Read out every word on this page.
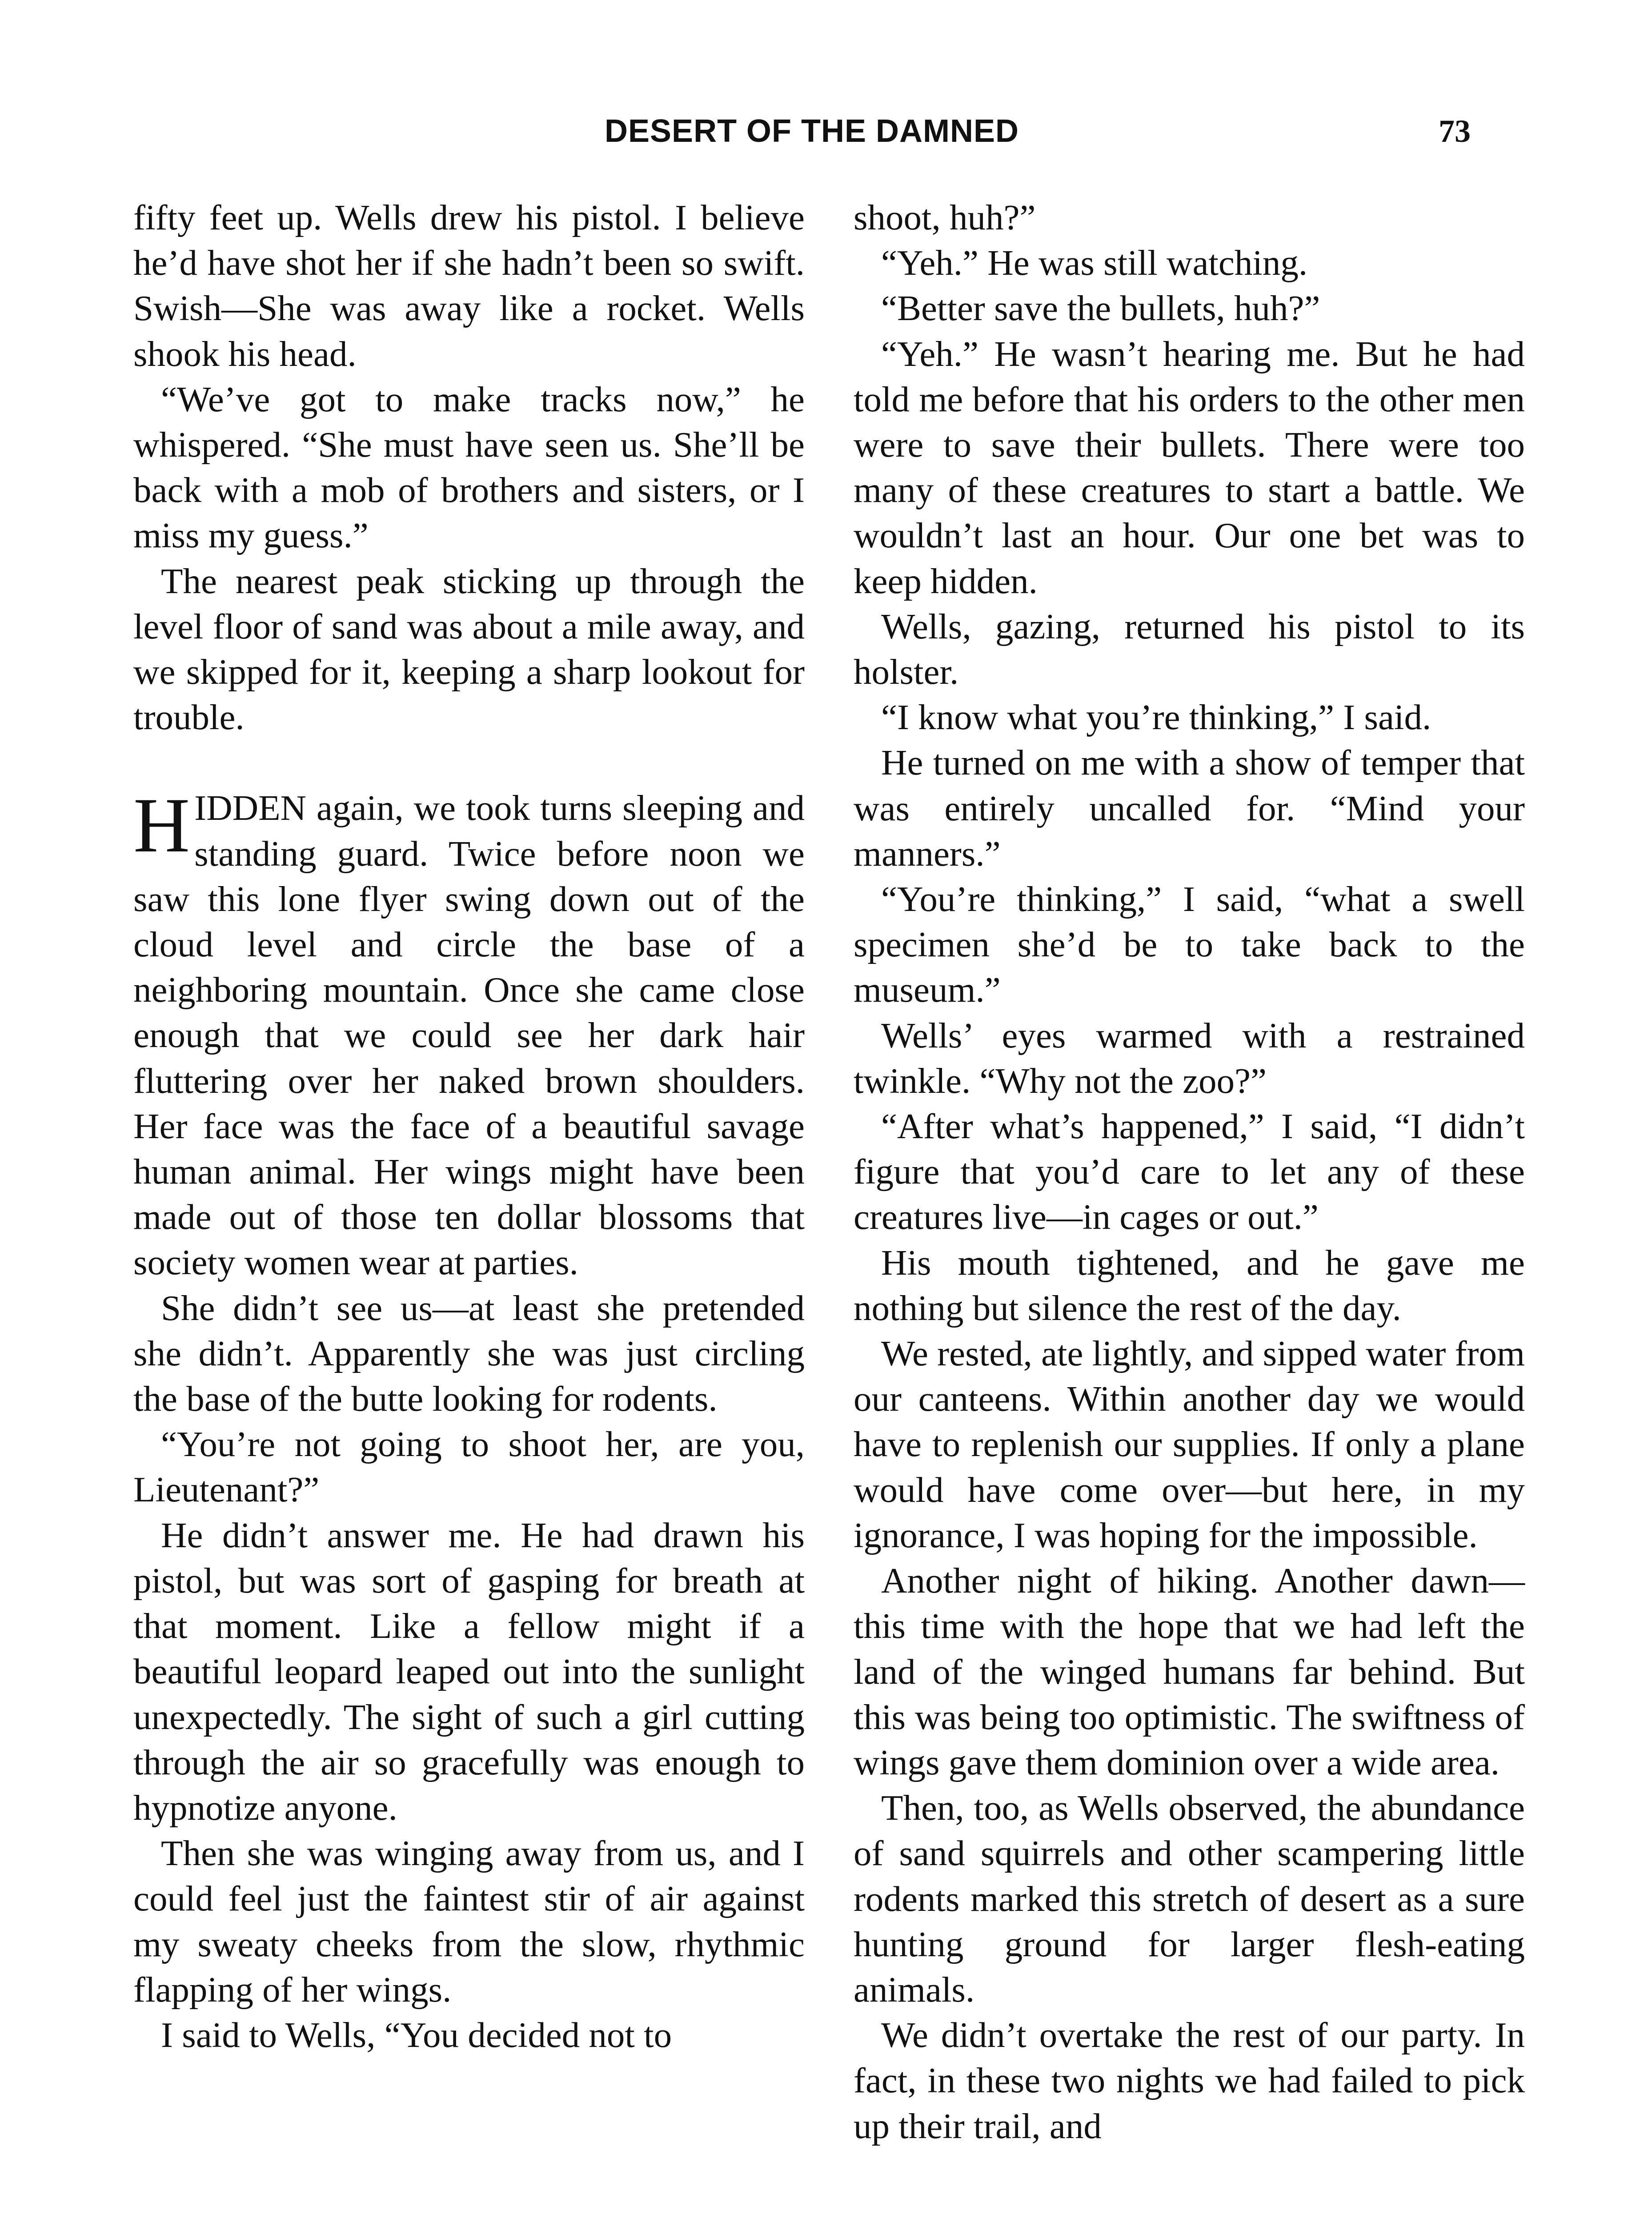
DESERT OF THE DAMNED	73

fifty feet up. Wells drew his pistol. I believe he’d have shot her if she hadn’t been so swift. Swish—She was away like a rocket. Wells shook his head.

“We’ve got to make tracks now,” he whispered. “She must have seen us. She’ll be back with a mob of brothers and sisters, or I miss my guess.”

The nearest peak sticking up through the level floor of sand was about a mile away, and we skipped for it, keeping a sharp lookout for trouble.

HIDDEN again, we took turns sleeping and standing guard. Twice before noon we saw this lone flyer swing down out of the cloud level and circle the base of a neighboring mountain. Once she came close enough that we could see her dark hair fluttering over her naked brown shoulders. Her face was the face of a beautiful savage human animal. Her wings might have been made out of those ten dollar blossoms that society women wear at parties.

She didn’t see us—at least she pretended she didn’t. Apparently she was just circling the base of the butte looking for rodents.

“You’re not going to shoot her, are you, Lieutenant?”

He didn’t answer me. He had drawn his pistol, but was sort of gasping for breath at that moment. Like a fellow might if a beautiful leopard leaped out into the sunlight unexpectedly. The sight of such a girl cutting through the air so gracefully was enough to hypnotize anyone.

Then she was winging away from us, and I could feel just the faintest stir of air against my sweaty cheeks from the slow, rhythmic flapping of her wings.

I said to Wells, “You decided not to

shoot, huh?”

“Yeh.” He was still watching.

“Better save the bullets, huh?”

“Yeh.” He wasn’t hearing me. But he had told me before that his orders to the other men were to save their bullets. There were too many of these creatures to start a battle. We wouldn’t last an hour. Our one bet was to keep hidden.

Wells, gazing, returned his pistol to its holster.

“I know what you’re thinking,” I said.

He turned on me with a show of temper that was entirely uncalled for. “Mind your manners.”

“You’re thinking,” I said, “what a swell specimen she’d be to take back to the museum.”

Wells’ eyes warmed with a restrained twinkle. “Why not the zoo?”

“After what’s happened,” I said, “I didn’t figure that you’d care to let any of these creatures live—in cages or out.”

His mouth tightened, and he gave me nothing but silence the rest of the day.

We rested, ate lightly, and sipped water from our canteens. Within another day we would have to replenish our supplies. If only a plane would have come over—but here, in my ignorance, I was hoping for the impossible.

Another night of hiking. Another dawn—this time with the hope that we had left the land of the winged humans far behind. But this was being too optimistic. The swiftness of wings gave them dominion over a wide area.

Then, too, as Wells observed, the abundance of sand squirrels and other scampering little rodents marked this stretch of desert as a sure hunting ground for larger flesh-eating animals.

We didn’t overtake the rest of our party. In fact, in these two nights we had failed to pick up their trail, and
